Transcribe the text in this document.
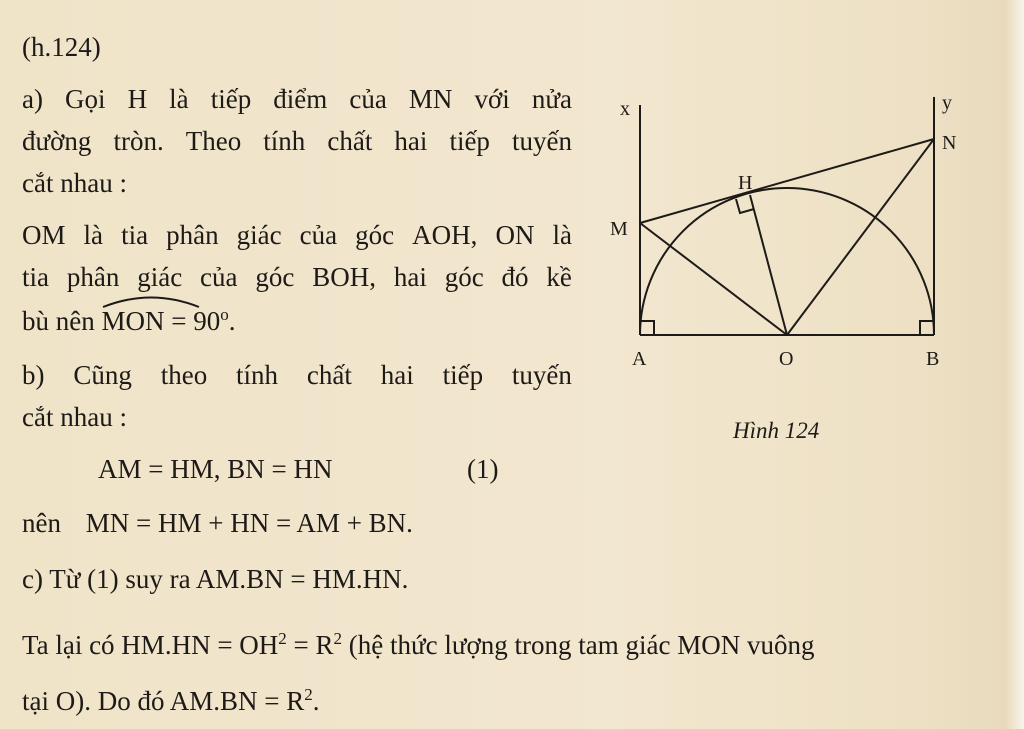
(h.124)
a) Gọi H là tiếp điểm của MN với nửa
đường tròn. Theo tính chất hai tiếp tuyến
cắt nhau :
OM là tia phân giác của góc AOH, ON là
tia phân giác của góc BOH, hai góc đó kề
bù nên MON = $90^o$.
b) Cũng theo tính chất hai tiếp tuyến
cắt nhau :
AM = HM, BN = HN	(1)
nên MN = HM + HN = AM + BN.
c) Từ (1) suy ra AM.BN = HM.HN.
Ta lại có $HM.HN = OH^2 = R^2$ (hệ thức lượng trong tam giác MON vuông
tại O). Do đó $AM.BN = R^2$.
x	y
N
H
M
A	O	B
Hình 124
